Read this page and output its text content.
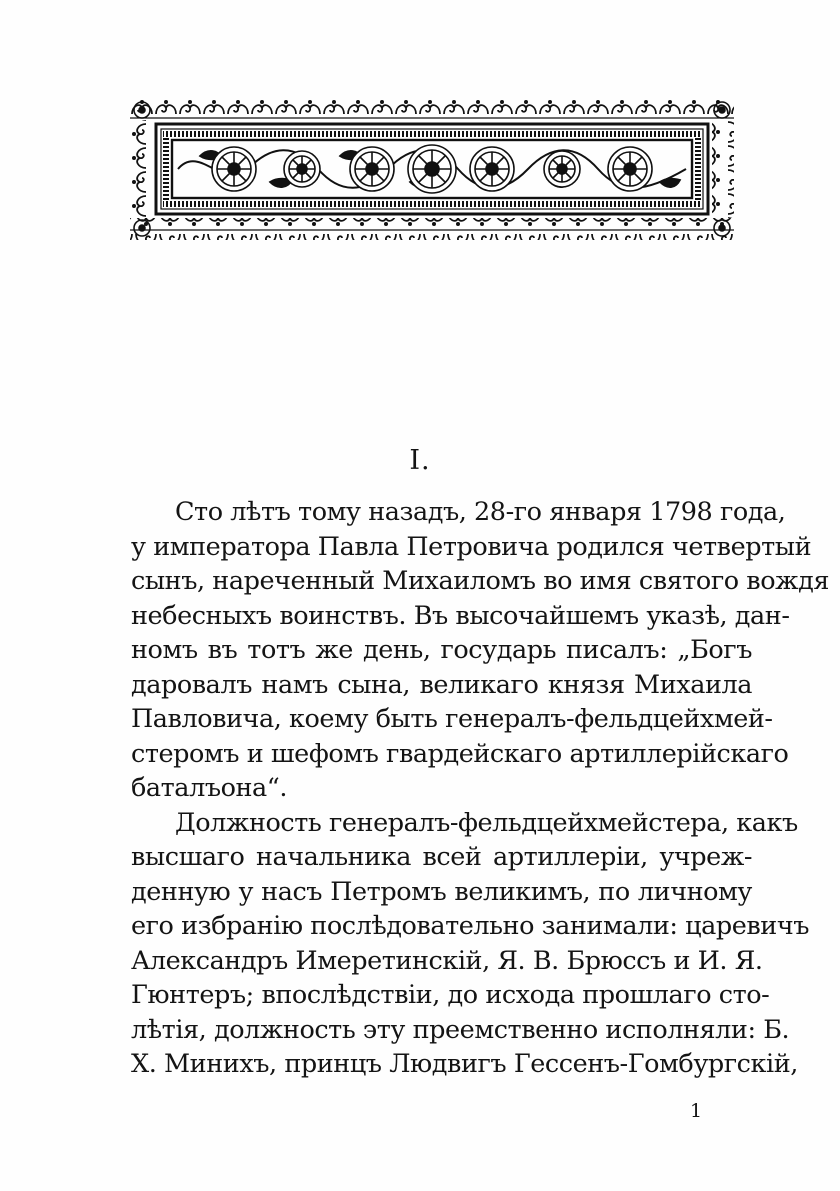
I.
Сто лѣтъ тому назадъ, 28-го января 1798 года,
у императора Павла Петровича родился четвертый
сынъ, нареченный Михаиломъ во имя святого вождя
небесныхъ воинствъ. Въ высочайшемъ указѣ, дан-
номъ въ тотъ же день, государь писалъ: „Богъ
даровалъ намъ сына, великаго князя Михаила
Павловича, коему быть генералъ-фельдцейхмей-
стеромъ и шефомъ гвардейскаго артиллерійскаго
баталъона“.
Должность генералъ-фельдцейхмейстера, какъ
высшаго начальника всей артиллеріи, учреж-
денную у насъ Петромъ великимъ, по личному
его избранію послѣдовательно занимали: царевичъ
Александръ Имеретинскій, Я. В. Брюссъ и И. Я.
Гюнтеръ; впослѣдствіи, до исхода прошлаго сто-
лѣтія, должность эту преемственно исполняли: Б.
Х. Минихъ, принцъ Людвигъ Гессенъ-Гомбургскій,
1
